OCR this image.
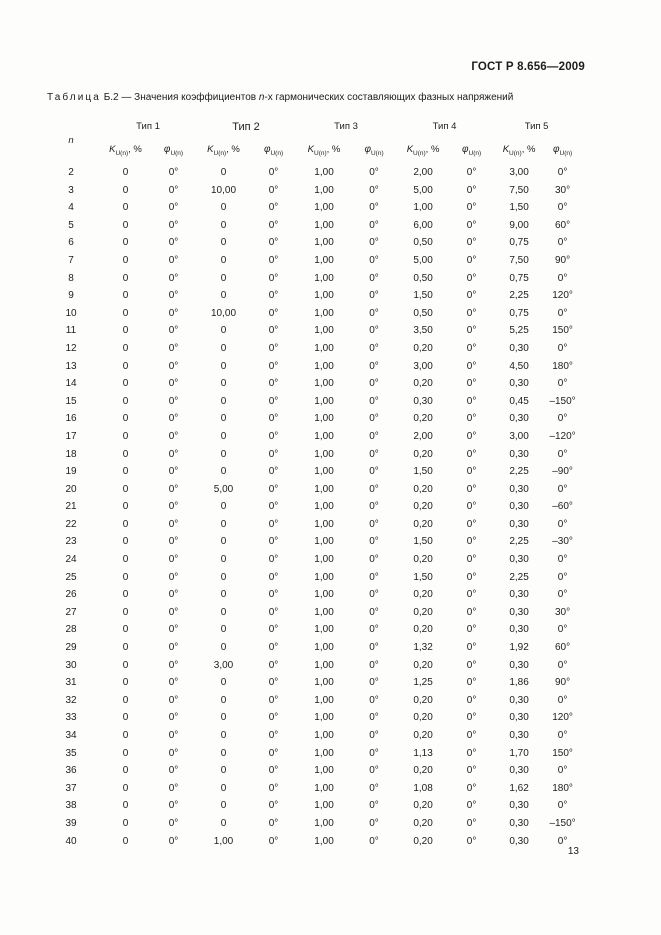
ГОСТ Р 8.656—2009
Таблица Б.2 — Значения коэффициентов n-х гармонических составляющих фазных напряжений
n	Тип 1		Тип 2		Тип 3		Тип 4		Тип 5	
	$K_{U(n)}$, %	$\varphi_{U(n)}$	$K_{U(n)}$, %	$\varphi_{U(n)}$	$K_{U(n)}$, %	$\varphi_{U(n)}$	$K_{U(n)}$, %	$\varphi_{U(n)}$	$K_{U(n)}$, %	$\varphi_{U(n)}$
2	0	0°	0	0°	1,00	0°	2,00	0°	3,00	0°
3	0	0°	10,00	0°	1,00	0°	5,00	0°	7,50	30°
4	0	0°	0	0°	1,00	0°	1,00	0°	1,50	0°
5	0	0°	0	0°	1,00	0°	6,00	0°	9,00	60°
6	0	0°	0	0°	1,00	0°	0,50	0°	0,75	0°
7	0	0°	0	0°	1,00	0°	5,00	0°	7,50	90°
8	0	0°	0	0°	1,00	0°	0,50	0°	0,75	0°
9	0	0°	0	0°	1,00	0°	1,50	0°	2,25	120°
10	0	0°	10,00	0°	1,00	0°	0,50	0°	0,75	0°
11	0	0°	0	0°	1,00	0°	3,50	0°	5,25	150°
12	0	0°	0	0°	1,00	0°	0,20	0°	0,30	0°
13	0	0°	0	0°	1,00	0°	3,00	0°	4,50	180°
14	0	0°	0	0°	1,00	0°	0,20	0°	0,30	0°
15	0	0°	0	0°	1,00	0°	0,30	0°	0,45	–150°
16	0	0°	0	0°	1,00	0°	0,20	0°	0,30	0°
17	0	0°	0	0°	1,00	0°	2,00	0°	3,00	–120°
18	0	0°	0	0°	1,00	0°	0,20	0°	0,30	0°
19	0	0°	0	0°	1,00	0°	1,50	0°	2,25	–90°
20	0	0°	5,00	0°	1,00	0°	0,20	0°	0,30	0°
21	0	0°	0	0°	1,00	0°	0,20	0°	0,30	–60°
22	0	0°	0	0°	1,00	0°	0,20	0°	0,30	0°
23	0	0°	0	0°	1,00	0°	1,50	0°	2,25	–30°
24	0	0°	0	0°	1,00	0°	0,20	0°	0,30	0°
25	0	0°	0	0°	1,00	0°	1,50	0°	2,25	0°
26	0	0°	0	0°	1,00	0°	0,20	0°	0,30	0°
27	0	0°	0	0°	1,00	0°	0,20	0°	0,30	30°
28	0	0°	0	0°	1,00	0°	0,20	0°	0,30	0°
29	0	0°	0	0°	1,00	0°	1,32	0°	1,92	60°
30	0	0°	3,00	0°	1,00	0°	0,20	0°	0,30	0°
31	0	0°	0	0°	1,00	0°	1,25	0°	1,86	90°
32	0	0°	0	0°	1,00	0°	0,20	0°	0,30	0°
33	0	0°	0	0°	1,00	0°	0,20	0°	0,30	120°
34	0	0°	0	0°	1,00	0°	0,20	0°	0,30	0°
35	0	0°	0	0°	1,00	0°	1,13	0°	1,70	150°
36	0	0°	0	0°	1,00	0°	0,20	0°	0,30	0°
37	0	0°	0	0°	1,00	0°	1,08	0°	1,62	180°
38	0	0°	0	0°	1,00	0°	0,20	0°	0,30	0°
39	0	0°	0	0°	1,00	0°	0,20	0°	0,30	–150°
40	0	0°	1,00	0°	1,00	0°	0,20	0°	0,30	0°
13
